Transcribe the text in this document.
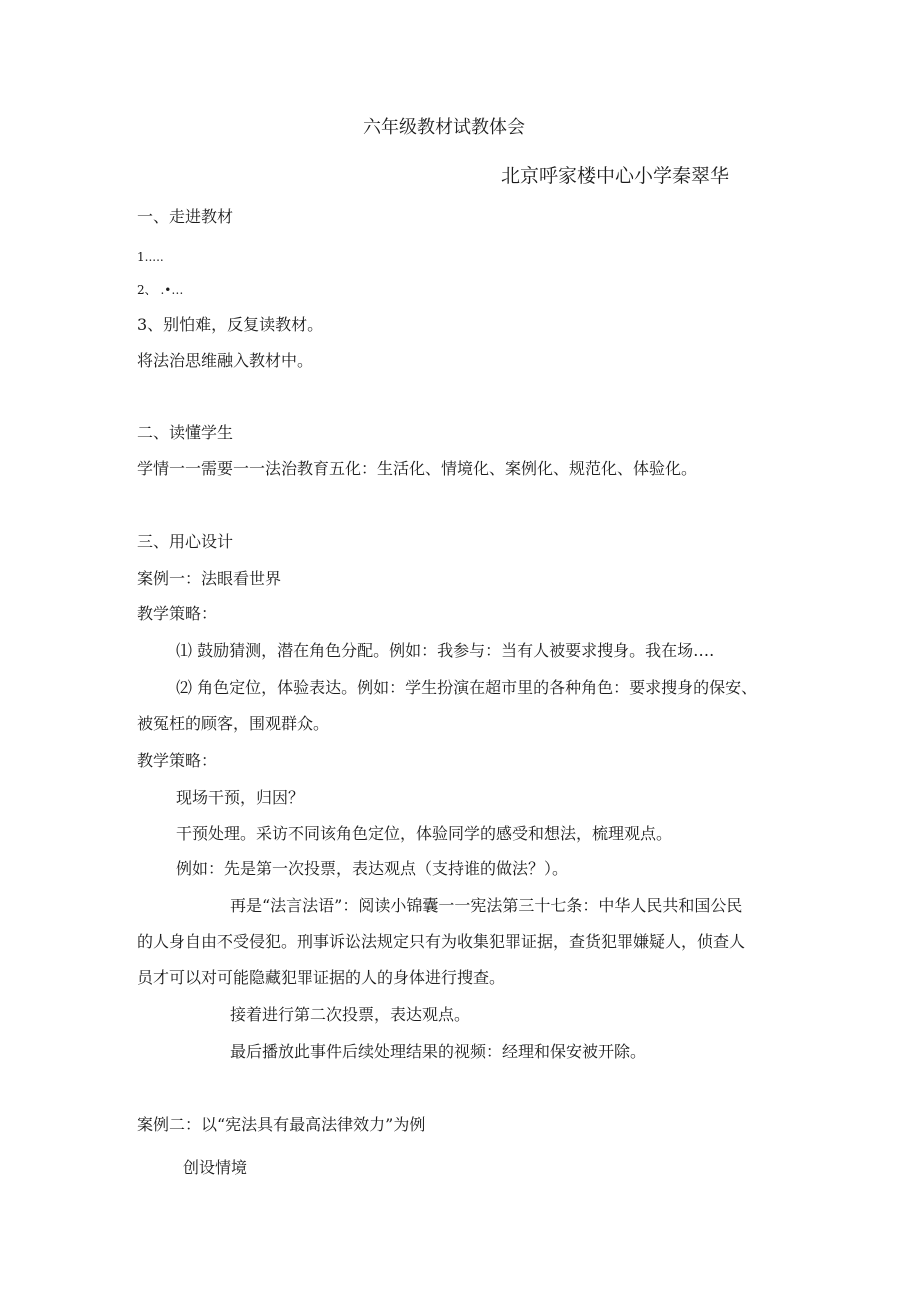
六年级教材试教体会
北京呼家楼中心小学秦翠华
一、走进教材
1.....
2、 .•…
3、别怕难，反复读教材。
将法治思维融入教材中。
二、读懂学生
学情一一需要一一法治教育五化：生活化、情境化、案例化、规范化、体验化。
三、用心设计
案例一：法眼看世界
教学策略：
⑴ 鼓励猜测，潜在角色分配。例如：我参与：当有人被要求搜身。我在场….
⑵ 角色定位，体验表达。例如：学生扮演在超市里的各种角色：要求搜身的保安、
被冤枉的顾客，围观群众。
教学策略：
现场干预，归因？
干预处理。采访不同该角色定位，体验同学的感受和想法，梳理观点。
例如：先是第一次投票，表达观点（支持谁的做法？）。
再是“法言法语”：阅读小锦囊一一宪法第三十七条：中华人民共和国公民
的人身自由不受侵犯。刑事诉讼法规定只有为收集犯罪证据，查货犯罪嫌疑人，侦查人
员才可以对可能隐藏犯罪证据的人的身体进行搜查。
接着进行第二次投票，表达观点。
最后播放此事件后续处理结果的视频：经理和保安被开除。
案例二：以“宪法具有最高法律效力”为例
创设情境
